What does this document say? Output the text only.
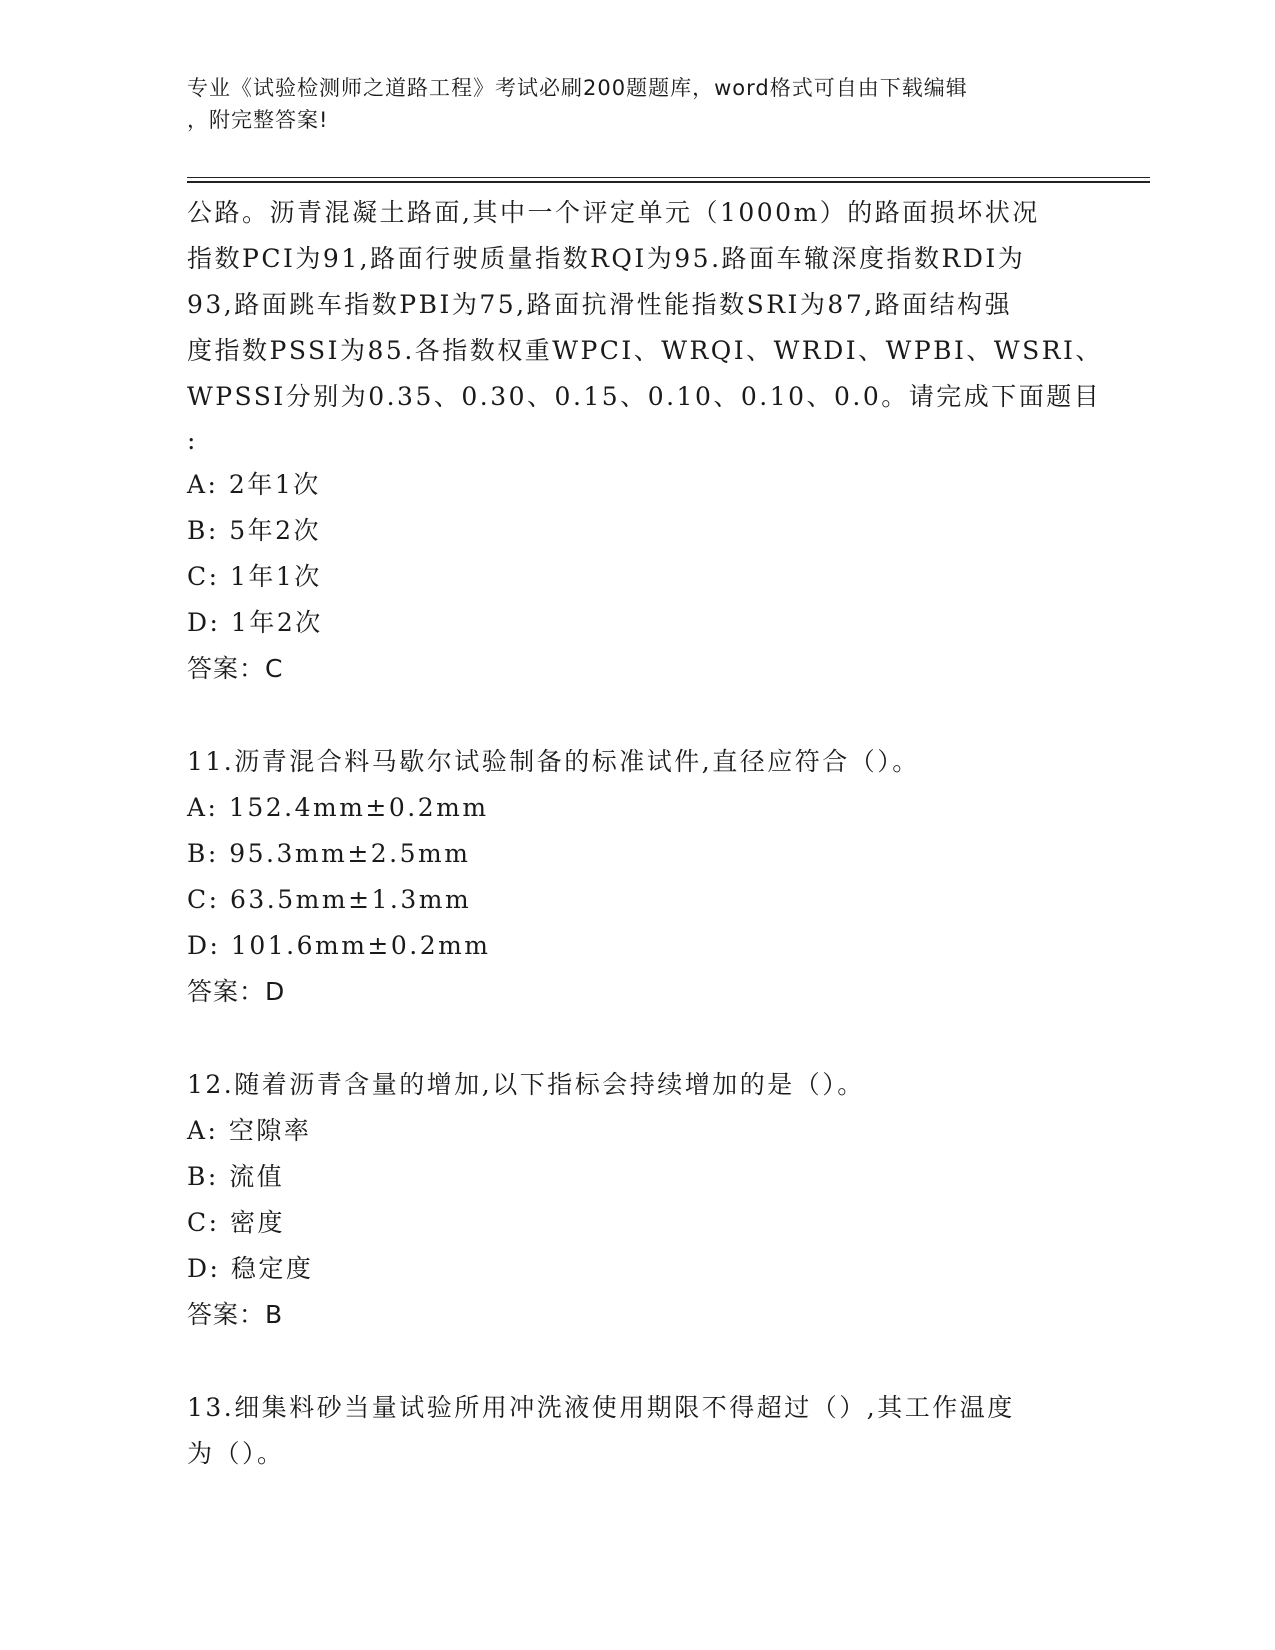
专业《试验检测师之道路工程》考试必刷200题题库，word格式可自由下载编辑
，附完整答案!
公路。沥青混凝土路面,其中一个评定单元（1000m）的路面损坏状况
指数PCI为91,路面行驶质量指数RQI为95.路面车辙深度指数RDI为
93,路面跳车指数PBI为75,路面抗滑性能指数SRI为87,路面结构强
度指数PSSI为85.各指数权重WPCI、WRQI、WRDI、WPBI、WSRI、
WPSSI分别为0.35、0.30、0.15、0.10、0.10、0.0。请完成下面题目
:
A: 2年1次
B: 5年2次
C: 1年1次
D: 1年2次
答案：C
11.沥青混合料马歇尔试验制备的标准试件,直径应符合（）。
A: 152.4mm±0.2mm
B: 95.3mm±2.5mm
C: 63.5mm±1.3mm
D: 101.6mm±0.2mm
答案：D
12.随着沥青含量的增加,以下指标会持续增加的是（）。
A: 空隙率
B: 流值
C: 密度
D: 稳定度
答案：B
13.细集料砂当量试验所用冲洗液使用期限不得超过（）,其工作温度
为（）。
